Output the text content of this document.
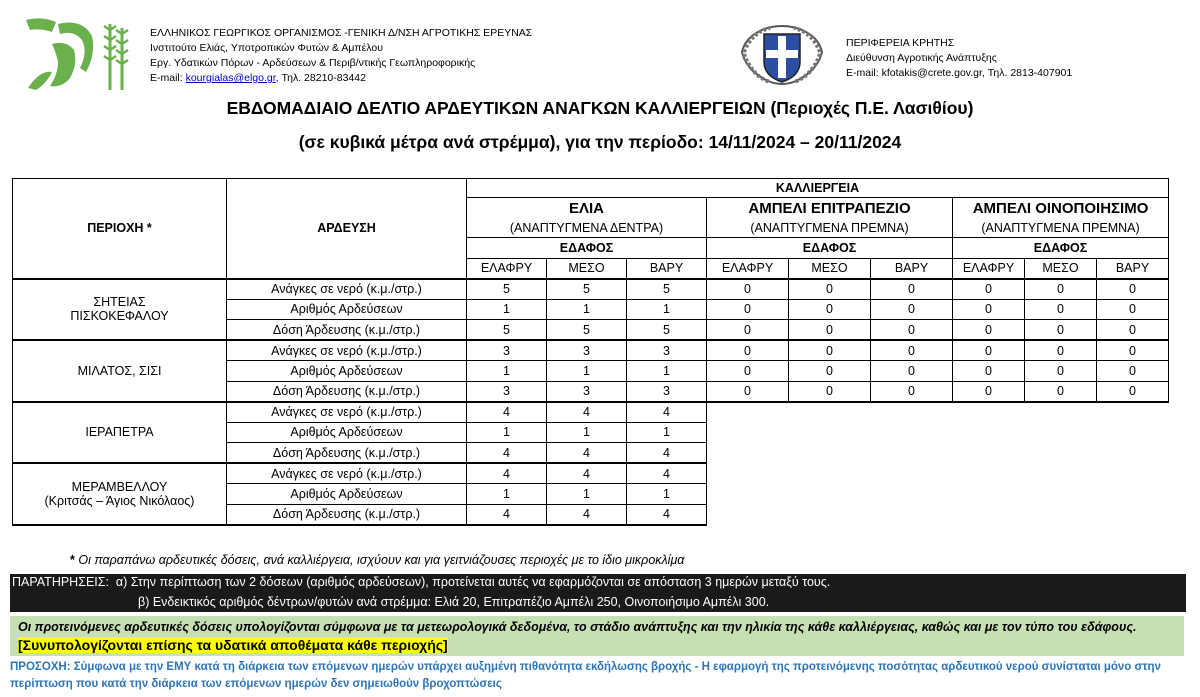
ΕΛΛΗΝΙΚΟΣ ΓΕΩΡΓΙΚΟΣ ΟΡΓΑΝΙΣΜΟΣ -ΓΕΝΙΚΗ Δ/ΝΣΗ ΑΓΡΟΤΙΚΗΣ ΕΡΕΥΝΑΣ
Ινστιτούτο Ελιάς, Υποτροπικών Φυτών & Αμπέλου
Εργ. Υδατικών Πόρων - Αρδεύσεων & Περιβ/ντικής Γεωπληροφορικής
E-mail: kourgialas@elgo.gr, Τηλ. 28210-83442
ΠΕΡΙΦΕΡΕΙΑ ΚΡΗΤΗΣ
Διεύθυνση Αγροτικής Ανάπτυξης
E-mail: kfotakis@crete.gov.gr, Τηλ. 2813-407901
ΕΒΔΟΜΑΔΙΑΙΟ ΔΕΛΤΙΟ ΑΡΔΕΥΤΙΚΩΝ ΑΝΑΓΚΩΝ ΚΑΛΛΙΕΡΓΕΙΩΝ (Περιοχές Π.Ε. Λασιθίου)
(σε κυβικά μέτρα ανά στρέμμα), για την περίοδο: 14/11/2024 – 20/11/2024
ΠΕΡΙΟΧΗ *	ΑΡΔΕΥΣΗ	ΚΑΛΛΙΕΡΓΕΙΑ								
		ΕΛΙΑ			ΑΜΠΕΛΙ ΕΠΙΤΡΑΠΕΖΙΟ			ΑΜΠΕΛΙ ΟΙΝΟΠΟΙΗΣΙΜΟ		
		(ΑΝΑΠΤΥΓΜΕΝΑ ΔΕΝΤΡΑ)			(ΑΝΑΠΤΥΓΜΕΝΑ ΠΡΕΜΝΑ)			(ΑΝΑΠΤΥΓΜΕΝΑ ΠΡΕΜΝΑ)		
		ΕΔΑΦΟΣ			ΕΔΑΦΟΣ			ΕΔΑΦΟΣ		
		ΕΛΑΦΡΥ	ΜΕΣΟ	ΒΑΡΥ	ΕΛΑΦΡΥ	ΜΕΣΟ	ΒΑΡΥ	ΕΛΑΦΡΥ	ΜΕΣΟ	ΒΑΡΥ

ΣΗΤΕΙΑΣ
ΠΙΣΚΟΚΕΦΑΛΟΥ	Ανάγκες σε νερό (κ.μ./στρ.)	5	5	5	0	0	0	0	0	0
	Αριθμός Αρδεύσεων	1	1	1	0	0	0	0	0	0
	Δόση Άρδευσης (κ.μ./στρ.)	5	5	5	0	0	0	0	0	0

ΜΙΛΑΤΟΣ, ΣΙΣΙ	Ανάγκες σε νερό (κ.μ./στρ.)	3	3	3	0	0	0	0	0	0
	Αριθμός Αρδεύσεων	1	1	1	0	0	0	0	0	0
	Δόση Άρδευσης (κ.μ./στρ.)	3	3	3	0	0	0	0	0	0

ΙΕΡΑΠΕΤΡΑ	Ανάγκες σε νερό (κ.μ./στρ.)	4	4	4						
	Αριθμός Αρδεύσεων	1	1	1						
	Δόση Άρδευσης (κ.μ./στρ.)	4	4	4						

ΜΕΡΑΜΒΕΛΛΟΥ
(Κριτσάς – Άγιος Νικόλαος)	Ανάγκες σε νερό (κ.μ./στρ.)	4	4	4						
	Αριθμός Αρδεύσεων	1	1	1						
	Δόση Άρδευσης (κ.μ./στρ.)	4	4	4						
* Οι παραπάνω αρδευτικές δόσεις, ανά καλλιέργεια, ισχύουν και για γειτνιάζουσες περιοχές με το ίδιο μικροκλίμα
ΠΑΡΑΤΗΡΗΣΕΙΣ: α) Στην περίπτωση των 2 δόσεων (αριθμός αρδεύσεων), προτείνεται αυτές να εφαρμόζονται σε απόσταση 3 ημερών μεταξύ τους.
β) Ενδεικτικός αριθμός δέντρων/φυτών ανά στρέμμα: Ελιά 20, Επιτραπέζιο Αμπέλι 250, Οινοποιήσιμο Αμπέλι 300.
Οι προτεινόμενες αρδευτικές δόσεις υπολογίζονται σύμφωνα με τα μετεωρολογικά δεδομένα, το στάδιο ανάπτυξης και την ηλικία της κάθε καλλιέργειας, καθώς και με τον τύπο του εδάφους. [Συνυπολογίζονται επίσης τα υδατικά αποθέματα κάθε περιοχής]
ΠΡΟΣΟΧΗ: Σύμφωνα με την ΕΜΥ κατά τη διάρκεια των επόμενων ημερών υπάρχει αυξημένη πιθανότητα εκδήλωσης βροχής - Η εφαρμογή της προτεινόμενης ποσότητας αρδευτικού νερού συνίσταται μόνο στην περίπτωση που κατά την διάρκεια των επόμενων ημερών δεν σημειωθούν βροχοπτώσεις
